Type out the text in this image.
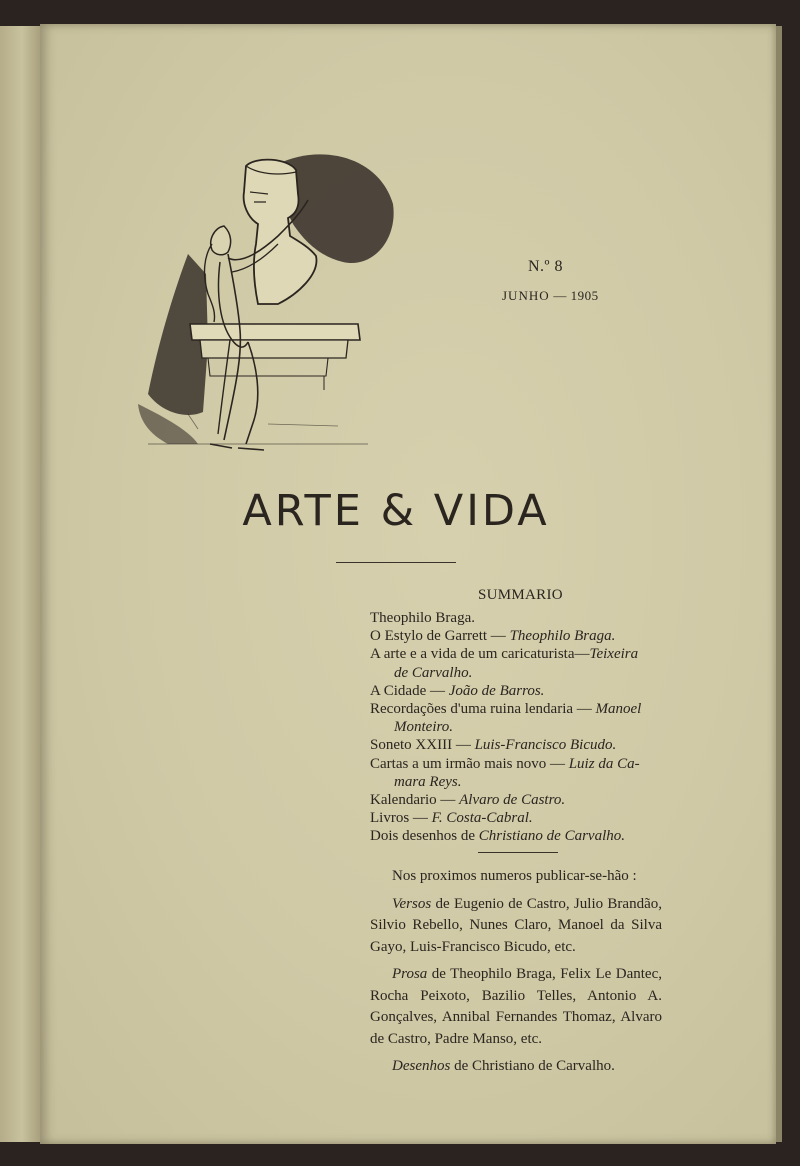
N.º 8
JUNHO — 1905
ARTE & VIDA
SUMMARIO
Theophilo Braga.
O Estylo de Garrett — Theophilo Braga.
A arte e a vida de um caricaturista—Teixeira
de Carvalho.
A Cidade — João de Barros.
Recordações d'uma ruina lendaria — Manoel
Monteiro.
Soneto XXIII — Luis-Francisco Bicudo.
Cartas a um irmão mais novo — Luiz da Ca-
mara Reys.
Kalendario — Alvaro de Castro.
Livros — F. Costa-Cabral.
Dois desenhos de Christiano de Carvalho.

Nos proximos numeros publicar-se-hão :

Versos de Eugenio de Castro, Julio Brandão, Silvio Rebello, Nunes Claro, Manoel da Silva Gayo, Luis-Francisco Bicudo, etc.

Prosa de Theophilo Braga, Felix Le Dantec, Rocha Peixoto, Bazilio Telles, Antonio A. Gonçalves, Annibal Fernandes Thomaz, Alvaro de Castro, Padre Manso, etc.

Desenhos de Christiano de Carvalho.
